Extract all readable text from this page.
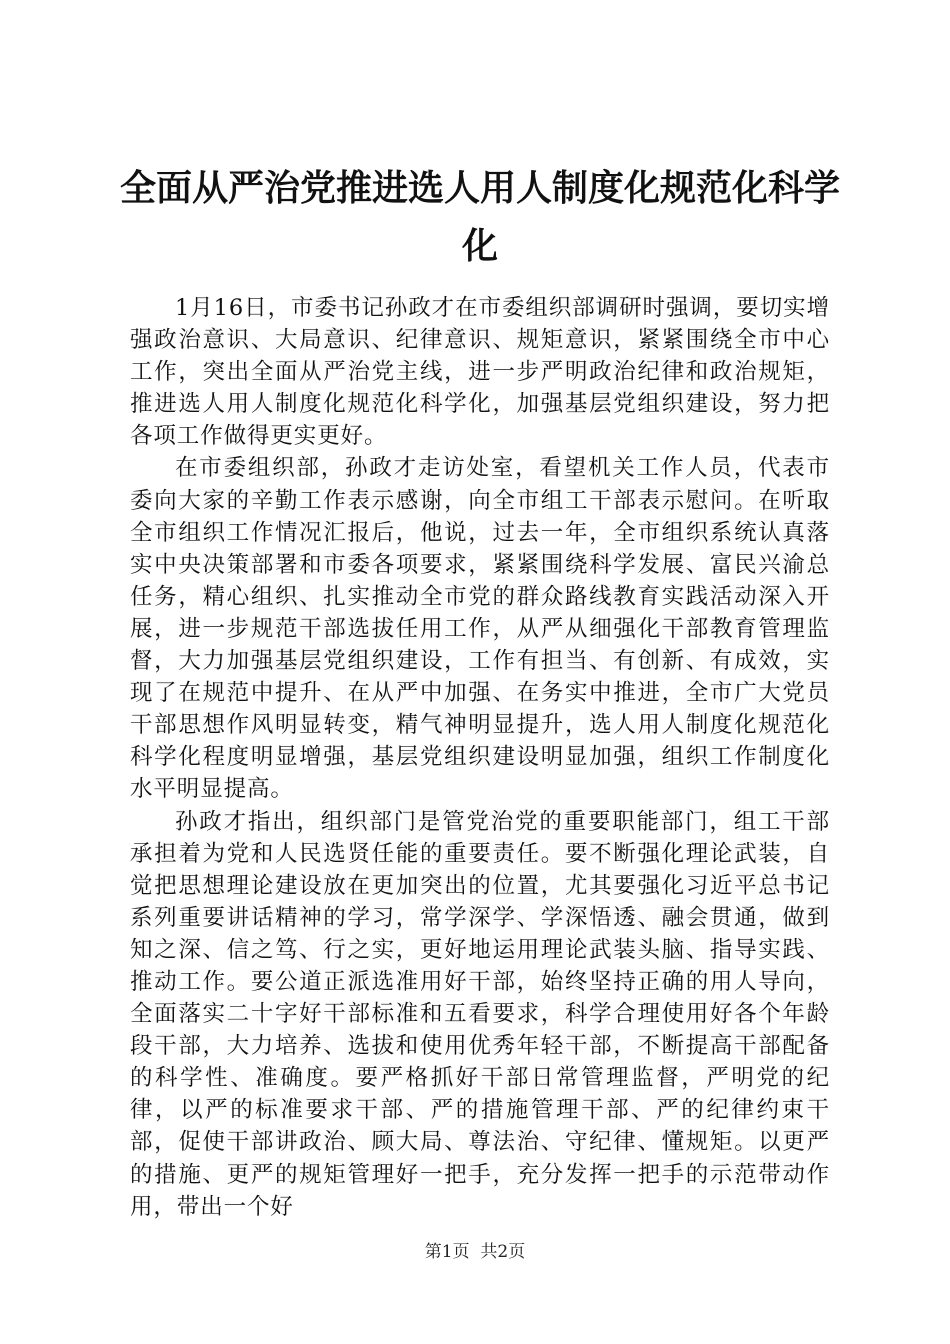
全面从严治党推进选人用人制度化规范化科学
化

1月16日，市委书记孙政才在市委组织部调研时强调，要切实增强政治意识、大局意识、纪律意识、规矩意识，紧紧围绕全市中心工作，突出全面从严治党主线，进一步严明政治纪律和政治规矩，推进选人用人制度化规范化科学化，加强基层党组织建设，努力把各项工作做得更实更好。

在市委组织部，孙政才走访处室，看望机关工作人员，代表市委向大家的辛勤工作表示感谢，向全市组工干部表示慰问。在听取全市组织工作情况汇报后，他说，过去一年，全市组织系统认真落实中央决策部署和市委各项要求，紧紧围绕科学发展、富民兴渝总任务，精心组织、扎实推动全市党的群众路线教育实践活动深入开展，进一步规范干部选拔任用工作，从严从细强化干部教育管理监督，大力加强基层党组织建设，工作有担当、有创新、有成效，实现了在规范中提升、在从严中加强、在务实中推进，全市广大党员干部思想作风明显转变，精气神明显提升，选人用人制度化规范化科学化程度明显增强，基层党组织建设明显加强，组织工作制度化水平明显提高。

孙政才指出，组织部门是管党治党的重要职能部门，组工干部承担着为党和人民选贤任能的重要责任。要不断强化理论武装，自觉把思想理论建设放在更加突出的位置，尤其要强化习近平总书记系列重要讲话精神的学习，常学深学、学深悟透、融会贯通，做到知之深、信之笃、行之实，更好地运用理论武装头脑、指导实践、推动工作。要公道正派选准用好干部，始终坚持正确的用人导向，全面落实二十字好干部标准和五看要求，科学合理使用好各个年龄段干部，大力培养、选拔和使用优秀年轻干部，不断提高干部配备的科学性、准确度。要严格抓好干部日常管理监督，严明党的纪律，以严的标准要求干部、严的措施管理干部、严的纪律约束干部，促使干部讲政治、顾大局、尊法治、守纪律、懂规矩。以更严的措施、更严的规矩管理好一把手，充分发挥一把手的示范带动作用，带出一个好

第1页 共2页
